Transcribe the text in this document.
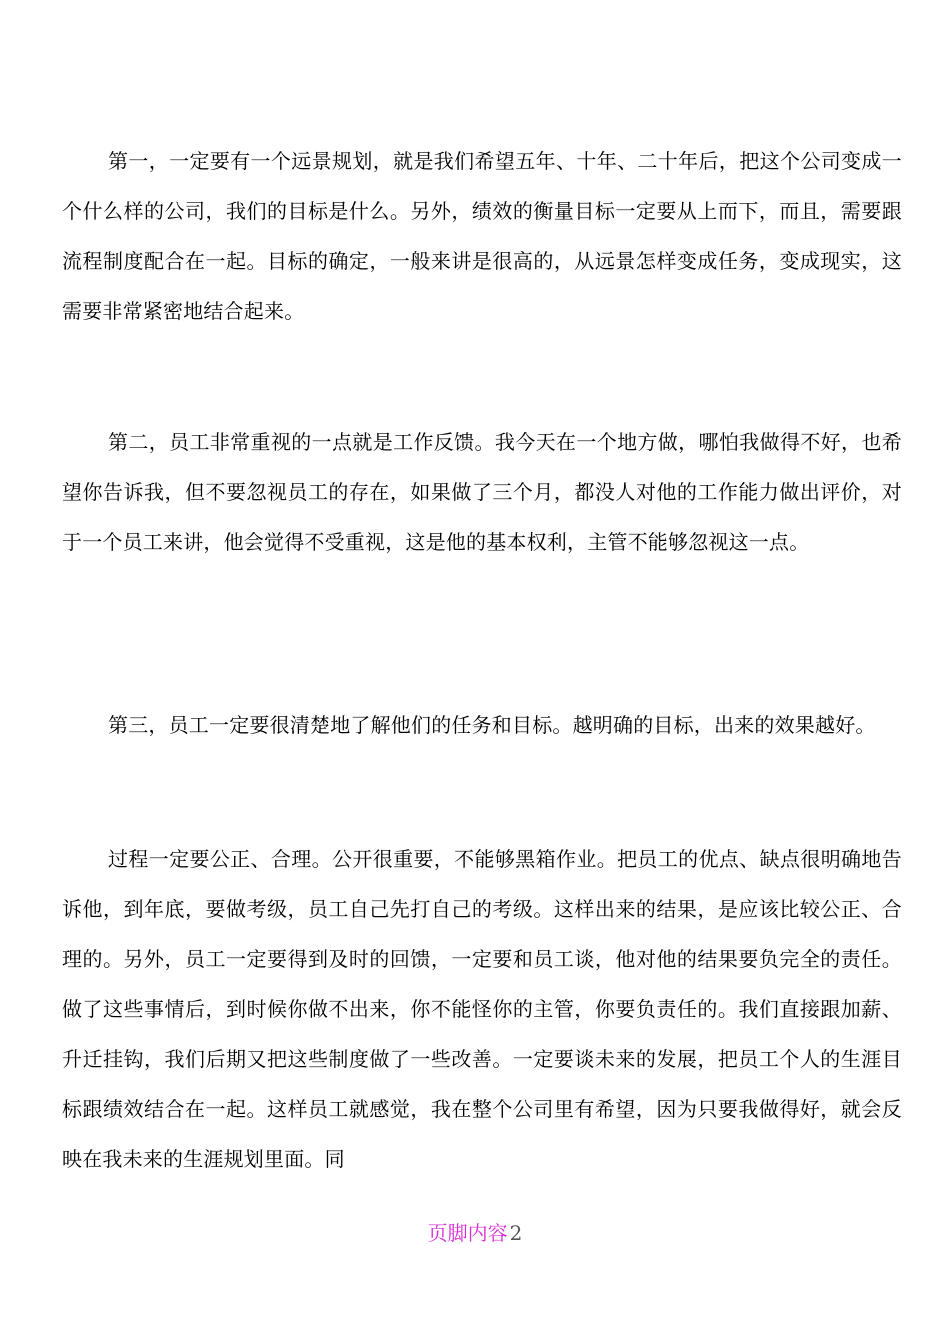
第一，一定要有一个远景规划，就是我们希望五年、十年、二十年后，把这个公司变成一个什么样的公司，我们的目标是什么。另外，绩效的衡量目标一定要从上而下，而且，需要跟流程制度配合在一起。目标的确定，一般来讲是很高的，从远景怎样变成任务，变成现实，这需要非常紧密地结合起来。

第二，员工非常重视的一点就是工作反馈。我今天在一个地方做，哪怕我做得不好，也希望你告诉我，但不要忽视员工的存在，如果做了三个月，都没人对他的工作能力做出评价，对于一个员工来讲，他会觉得不受重视，这是他的基本权利，主管不能够忽视这一点。

第三，员工一定要很清楚地了解他们的任务和目标。越明确的目标，出来的效果越好。

过程一定要公正、合理。公开很重要，不能够黑箱作业。把员工的优点、缺点很明确地告诉他，到年底，要做考级，员工自己先打自己的考级。这样出来的结果，是应该比较公正、合理的。另外，员工一定要得到及时的回馈，一定要和员工谈，他对他的结果要负完全的责任。做了这些事情后，到时候你做不出来，你不能怪你的主管，你要负责任的。我们直接跟加薪、升迁挂钩，我们后期又把这些制度做了一些改善。一定要谈未来的发展，把员工个人的生涯目标跟绩效结合在一起。这样员工就感觉，我在整个公司里有希望，因为只要我做得好，就会反映在我未来的生涯规划里面。同

页脚内容 2
